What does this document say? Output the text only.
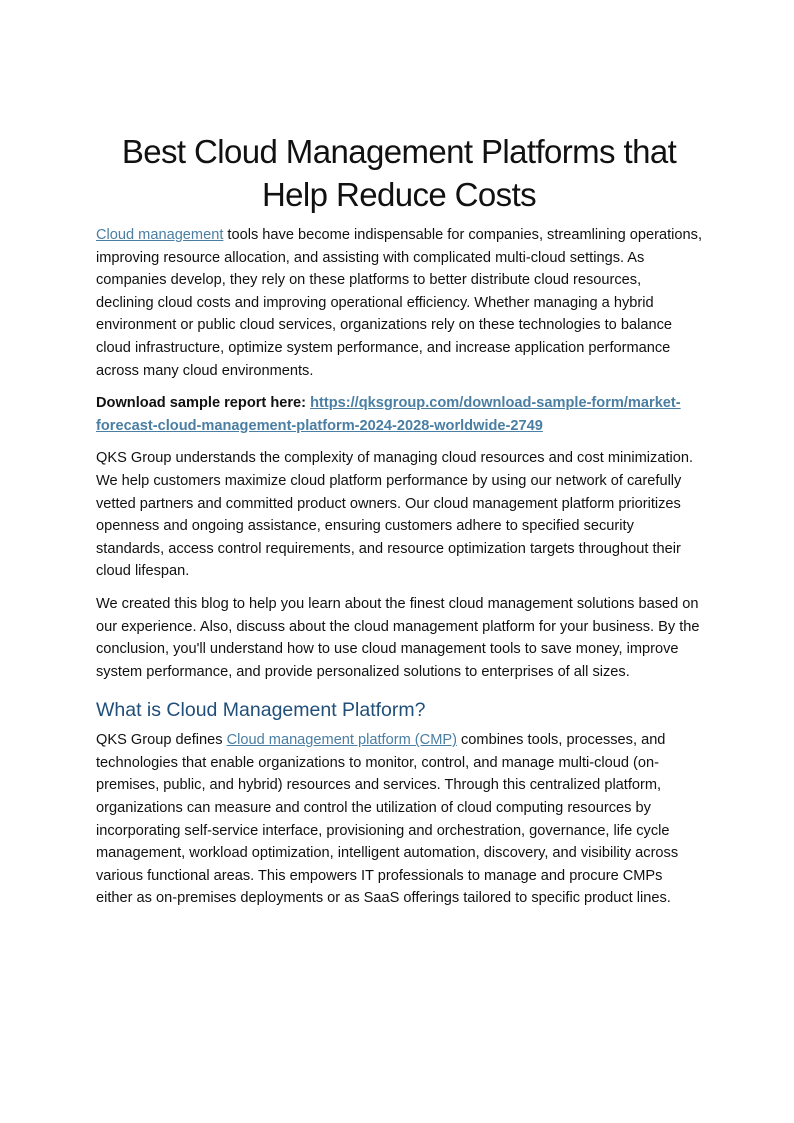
Best Cloud Management Platforms that Help Reduce Costs

Cloud management tools have become indispensable for companies, streamlining operations, improving resource allocation, and assisting with complicated multi-cloud settings. As companies develop, they rely on these platforms to better distribute cloud resources, declining cloud costs and improving operational efficiency. Whether managing a hybrid environment or public cloud services, organizations rely on these technologies to balance cloud infrastructure, optimize system performance, and increase application performance across many cloud environments.

Download sample report here: https://qksgroup.com/download-sample-form/market-forecast-cloud-management-platform-2024-2028-worldwide-2749

QKS Group understands the complexity of managing cloud resources and cost minimization. We help customers maximize cloud platform performance by using our network of carefully vetted partners and committed product owners. Our cloud management platform prioritizes openness and ongoing assistance, ensuring customers adhere to specified security standards, access control requirements, and resource optimization targets throughout their cloud lifespan.

We created this blog to help you learn about the finest cloud management solutions based on our experience. Also, discuss about the cloud management platform for your business. By the conclusion, you'll understand how to use cloud management tools to save money, improve system performance, and provide personalized solutions to enterprises of all sizes.

What is Cloud Management Platform?

QKS Group defines Cloud management platform (CMP) combines tools, processes, and technologies that enable organizations to monitor, control, and manage multi-cloud (on-premises, public, and hybrid) resources and services. Through this centralized platform, organizations can measure and control the utilization of cloud computing resources by incorporating self-service interface, provisioning and orchestration, governance, life cycle management, workload optimization, intelligent automation, discovery, and visibility across various functional areas. This empowers IT professionals to manage and procure CMPs either as on-premises deployments or as SaaS offerings tailored to specific product lines.
